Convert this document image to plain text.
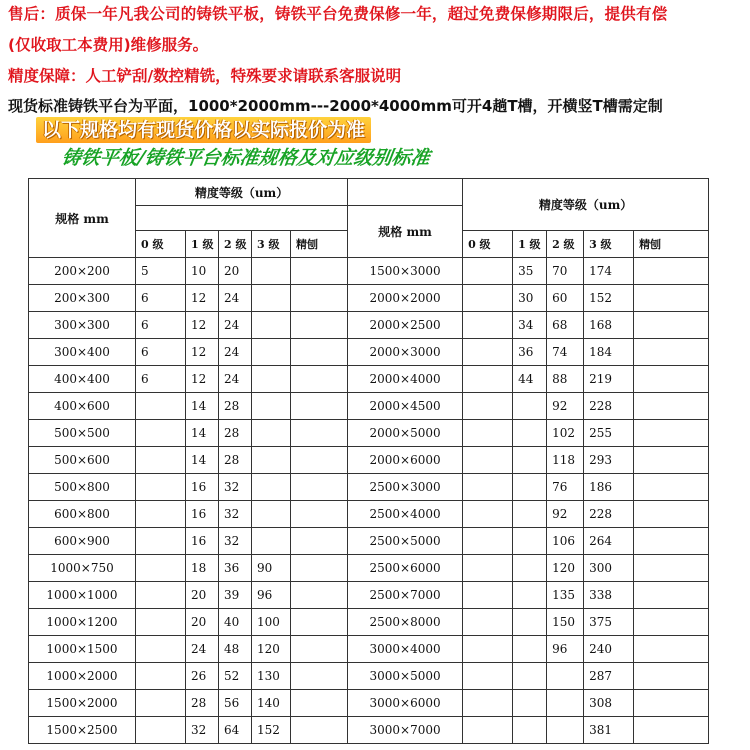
售后：质保一年凡我公司的铸铁平板，铸铁平台免费保修一年，超过免费保修期限后，提供有偿
(仅收取工本费用)维修服务。
精度保障：人工铲刮/数控精铣，特殊要求请联系客服说明
现货标准铸铁平台为平面，1000*2000mm---2000*4000mm可开4趟T槽，开横竖T槽需定制
以下规格均有现货价格以实际报价为准
铸铁平板/铸铁平台标准规格及对应级别标准
规格 mm	精度等级（um）						精度等级（um）				
						规格 mm					
	0 级	1 级	2 级	3 级	精刨		0 级	1 级	2 级	3 级	精刨
200×200	5	10	20			1500×3000		35	70	174	
200×300	6	12	24			2000×2000		30	60	152	
300×300	6	12	24			2000×2500		34	68	168	
300×400	6	12	24			2000×3000		36	74	184	
400×400	6	12	24			2000×4000		44	88	219	
400×600		14	28			2000×4500			92	228	
500×500		14	28			2000×5000			102	255	
500×600		14	28			2000×6000			118	293	
500×800		16	32			2500×3000			76	186	
600×800		16	32			2500×4000			92	228	
600×900		16	32			2500×5000			106	264	
1000×750		18	36	90		2500×6000			120	300	
1000×1000		20	39	96		2500×7000			135	338	
1000×1200		20	40	100		2500×8000			150	375	
1000×1500		24	48	120		3000×4000			96	240	
1000×2000		26	52	130		3000×5000				287	
1500×2000		28	56	140		3000×6000				308	
1500×2500		32	64	152		3000×7000				381	
